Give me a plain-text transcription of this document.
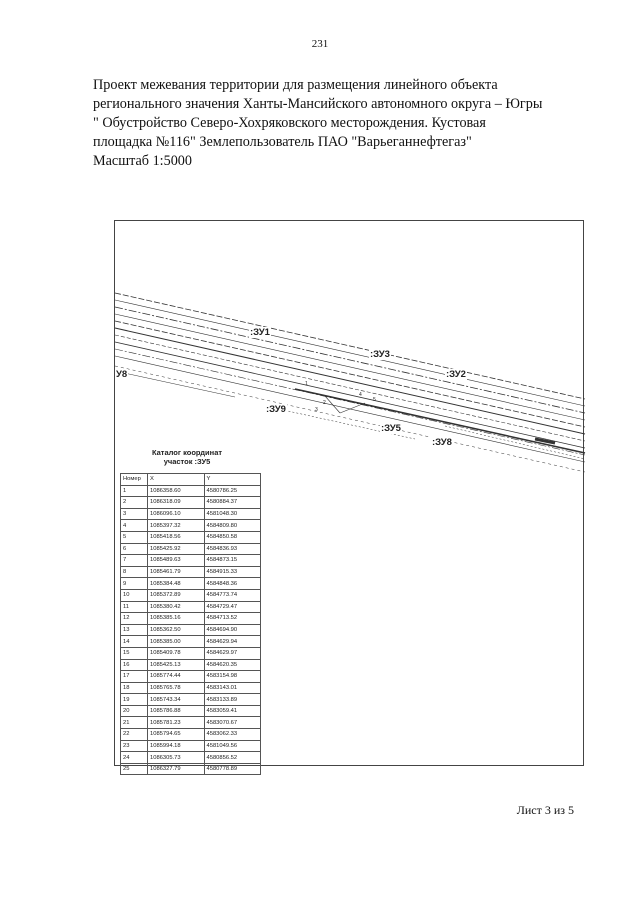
231
Проект межевания территории для размещения линейного объекта
регионального значения Ханты-Мансийского автономного округа – Югры
" Обустройство Северо-Хохряковского месторождения. Кустовая
площадка №116" Землепользователь ПАО "Варьеганнефтегаз"
Масштаб 1:5000
1
2
3
4
5
:ЗУ1
:ЗУ3
:ЗУ2
У8
:ЗУ9
:ЗУ5
:ЗУ8
Каталог координат
участок :ЗУ5
Номер	X	Y
1	1086358.60	4580786.25
2	1086318.09	4580884.37
3	1086096.10	4581048.30
4	1085397.32	4584809.80
5	1085418.56	4584850.58
6	1085425.92	4584836.93
7	1085489.63	4584873.15
8	1085461.79	4584915.33
9	1085384.48	4584848.36
10	1085372.89	4584773.74
11	1085380.42	4584729.47
12	1085385.16	4584713.52
13	1085362.50	4584694.90
14	1085385.00	4584629.94
15	1085409.78	4584629.97
16	1085425.13	4584620.35
17	1085774.44	4583154.98
18	1085765.78	4583143.01
19	1085743.34	4583133.89
20	1085786.88	4583059.41
21	1085781.23	4583070.67
22	1085794.65	4583062.33
23	1085994.18	4581049.56
24	1086305.73	4580856.52
25	1086327.79	4580778.89
Лист 3 из 5
